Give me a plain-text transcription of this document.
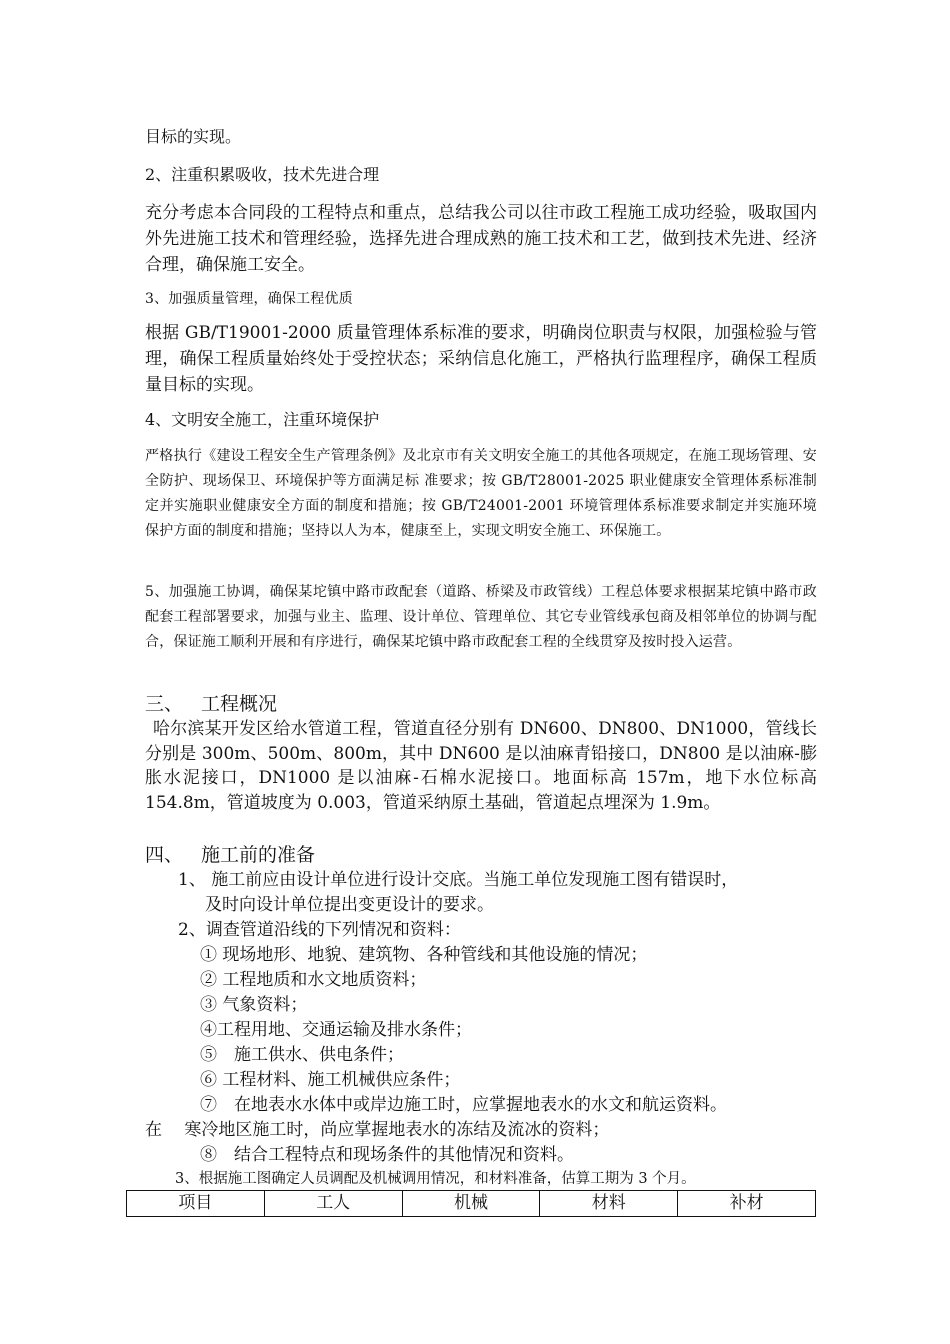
目标的实现。

2、注重积累吸收，技术先进合理

充分考虑本合同段的工程特点和重点，总结我公司以往市政工程施工成功经验，吸取国内外先进施工技术和管理经验，选择先进合理成熟的施工技术和工艺，做到技术先进、经济合理，确保施工安全。

3、加强质量管理，确保工程优质

根据 GB/T19001-2000 质量管理体系标准的要求，明确岗位职责与权限，加强检验与管理，确保工程质量始终处于受控状态；采纳信息化施工，严格执行监理程序，确保工程质量目标的实现。

4、文明安全施工，注重环境保护

严格执行《建设工程安全生产管理条例》及北京市有关文明安全施工的其他各项规定，在施工现场管理、安全防护、现场保卫、环境保护等方面满足标 准要求；按 GB/T28001-2025 职业健康安全管理体系标准制定并实施职业健康安全方面的制度和措施；按 GB/T24001-2001 环境管理体系标准要求制定并实施环境保护方面的制度和措施；坚持以人为本，健康至上，实现文明安全施工、环保施工。

5、加强施工协调，确保某坨镇中路市政配套（道路、桥梁及市政管线）工程总体要求根据某坨镇中路市政配套工程部署要求，加强与业主、监理、设计单位、管理单位、其它专业管线承包商及相邻单位的协调与配合，保证施工顺利开展和有序进行，确保某坨镇中路市政配套工程的全线贯穿及按时投入运营。

三、 工程概况

哈尔滨某开发区给水管道工程，管道直径分别有 DN600、DN800、DN1000，管线长分别是 300m、500m、800m，其中 DN600 是以油麻青铅接口，DN800 是以油麻-膨胀水泥接口，DN1000 是以油麻-石棉水泥接口。地面标高 157m，地下水位标高 154.8m，管道坡度为 0.003，管道采纳原土基础，管道起点埋深为 1.9m。

四、 施工前的准备
1、 施工前应由设计单位进行设计交底。当施工单位发现施工图有错误时，
及时向设计单位提出变更设计的要求。
2、调查管道沿线的下列情况和资料：
① 现场地形、地貌、建筑物、各种管线和其他设施的情况；
② 工程地质和水文地质资料；
③ 气象资料；
④工程用地、交通运输及排水条件；
⑤　施工供水、供电条件；
⑥ 工程材料、施工机械供应条件；
⑦　在地表水水体中或岸边施工时，应掌握地表水的水文和航运资料。
在　 寒冷地区施工时，尚应掌握地表水的冻结及流冰的资料；
⑧　结合工程特点和现场条件的其他情况和资料。
3、根据施工图确定人员调配及机械调用情况，和材料准备，估算工期为 3 个月。
项目	工人	机械	材料	补材
